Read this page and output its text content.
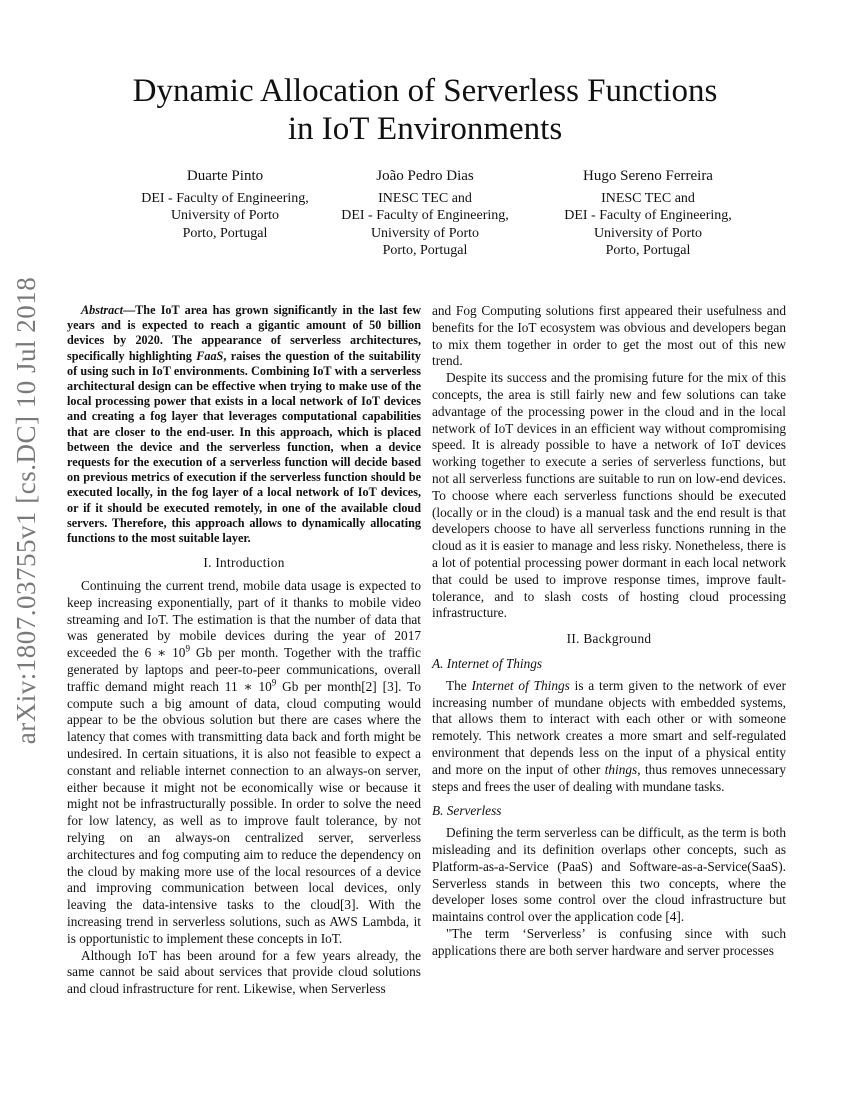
arXiv:1807.03755v1 [cs.DC] 10 Jul 2018
Dynamic Allocation of Serverless Functions
in IoT Environments
Duarte Pinto
DEI - Faculty of Engineering,
University of Porto
Porto, Portugal
João Pedro Dias
INESC TEC and
DEI - Faculty of Engineering,
University of Porto
Porto, Portugal
Hugo Sereno Ferreira
INESC TEC and
DEI - Faculty of Engineering,
University of Porto
Porto, Portugal

Abstract—The IoT area has grown significantly in the last few years and is expected to reach a gigantic amount of 50 billion devices by 2020. The appearance of serverless architectures, specifically highlighting FaaS, raises the question of the suitability of using such in IoT environments. Combining IoT with a serverless architectural design can be effective when trying to make use of the local processing power that exists in a local network of IoT devices and creating a fog layer that leverages computational capabilities that are closer to the end-user. In this approach, which is placed between the device and the serverless function, when a device requests for the execution of a serverless function will decide based on previous metrics of execution if the serverless function should be executed locally, in the fog layer of a local network of IoT devices, or if it should be executed remotely, in one of the available cloud servers. Therefore, this approach allows to dynamically allocating functions to the most suitable layer.

I. Introduction

Continuing the current trend, mobile data usage is expected to keep increasing exponentially, part of it thanks to mobile video streaming and IoT. The estimation is that the number of data that was generated by mobile devices during the year of 2017 exceeded the 6 ∗ $10^9$ Gb per month. Together with the traffic generated by laptops and peer-to-peer communications, overall traffic demand might reach 11 ∗ $10^9$ Gb per month[2] [3]. To compute such a big amount of data, cloud computing would appear to be the obvious solution but there are cases where the latency that comes with transmitting data back and forth might be undesired. In certain situations, it is also not feasible to expect a constant and reliable internet connection to an always-on server, either because it might not be economically wise or because it might not be infrastructurally possible. In order to solve the need for low latency, as well as to improve fault tolerance, by not relying on an always-on centralized server, serverless architectures and fog computing aim to reduce the dependency on the cloud by making more use of the local resources of a device and improving communication between local devices, only leaving the data-intensive tasks to the cloud[3]. With the increasing trend in serverless solutions, such as AWS Lambda, it is opportunistic to implement these concepts in IoT.

Although IoT has been around for a few years already, the same cannot be said about services that provide cloud solutions and cloud infrastructure for rent. Likewise, when Serverless

and Fog Computing solutions first appeared their usefulness and benefits for the IoT ecosystem was obvious and developers began to mix them together in order to get the most out of this new trend.

Despite its success and the promising future for the mix of this concepts, the area is still fairly new and few solutions can take advantage of the processing power in the cloud and in the local network of IoT devices in an efficient way without compromising speed. It is already possible to have a network of IoT devices working together to execute a series of serverless functions, but not all serverless functions are suitable to run on low-end devices. To choose where each serverless functions should be executed (locally or in the cloud) is a manual task and the end result is that developers choose to have all serverless functions running in the cloud as it is easier to manage and less risky. Nonetheless, there is a lot of potential processing power dormant in each local network that could be used to improve response times, improve fault-tolerance, and to slash costs of hosting cloud processing infrastructure.

II. Background
A. Internet of Things

The Internet of Things is a term given to the network of ever increasing number of mundane objects with embedded systems, that allows them to interact with each other or with someone remotely. This network creates a more smart and self-regulated environment that depends less on the input of a physical entity and more on the input of other things, thus removes unnecessary steps and frees the user of dealing with mundane tasks.

B. Serverless

Defining the term serverless can be difficult, as the term is both misleading and its definition overlaps other concepts, such as Platform-as-a-Service (PaaS) and Software-as-a-Service(SaaS). Serverless stands in between this two concepts, where the developer loses some control over the cloud infrastructure but maintains control over the application code [4].

"The term ‘Serverless’ is confusing since with such applications there are both server hardware and server processes
